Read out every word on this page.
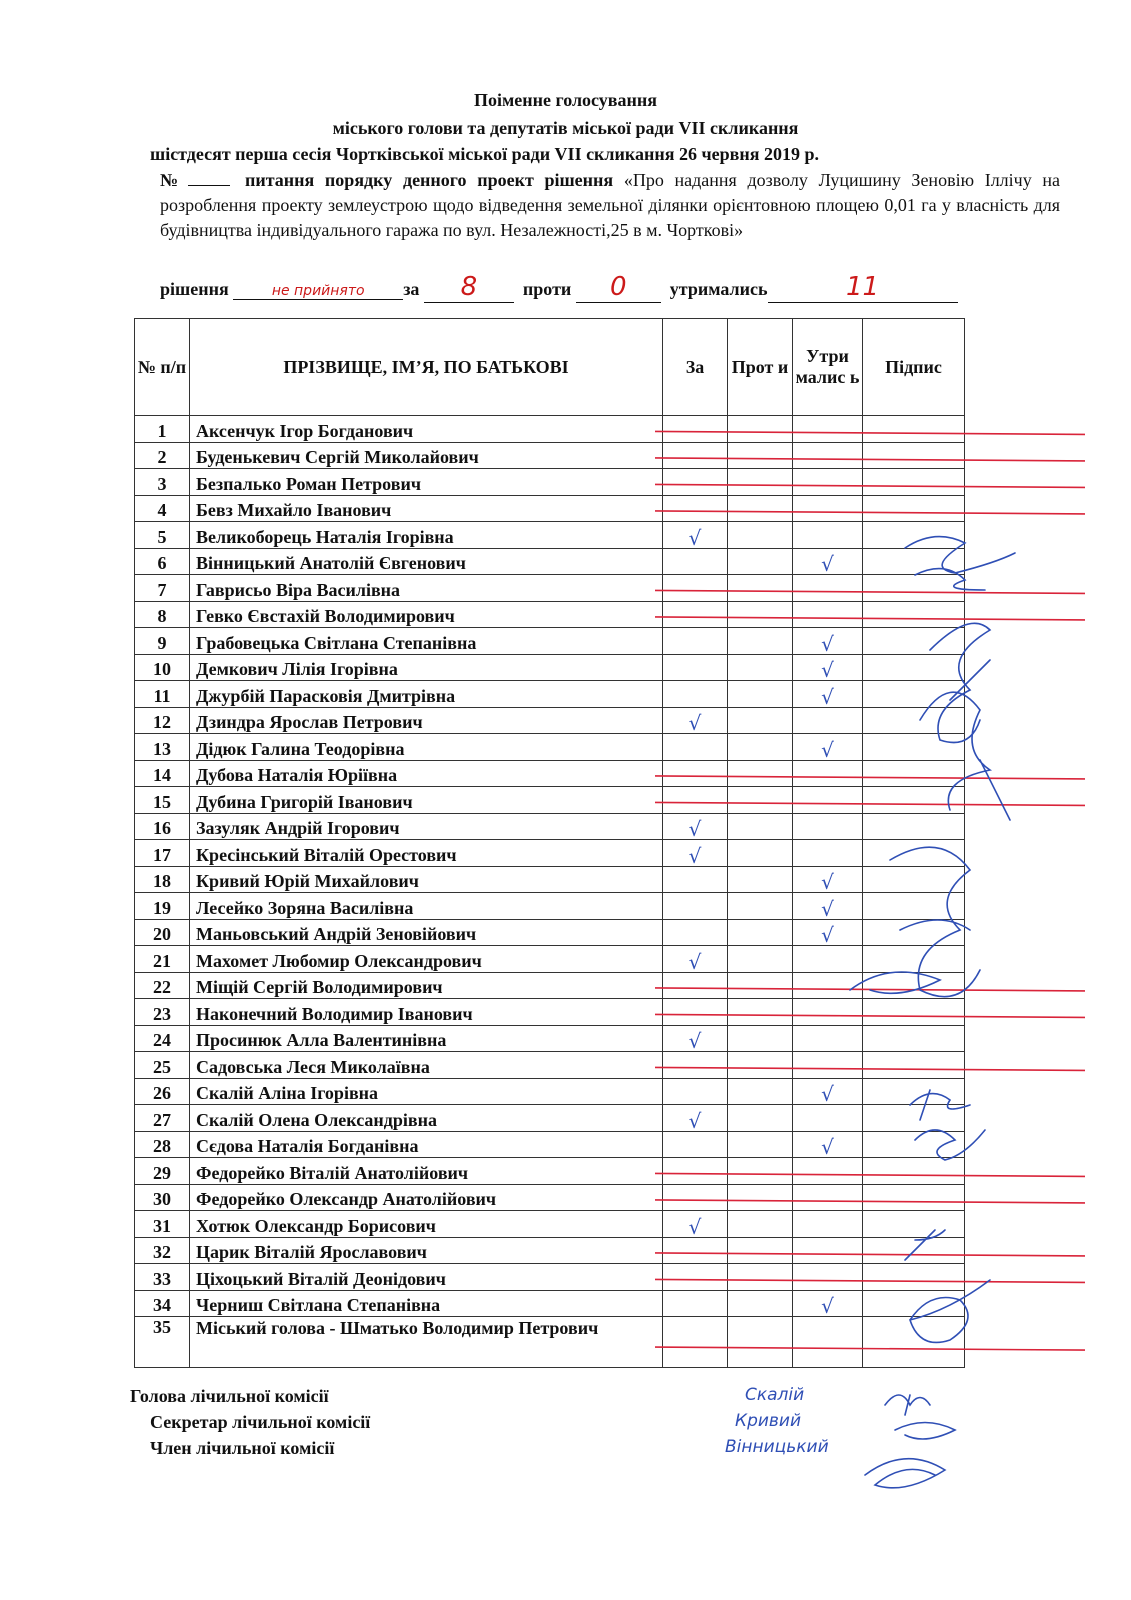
Поіменне голосування
міського голови та депутатів міської ради VII скликання
шістдесят перша сесія Чортківської міської ради VII скликання 26 червня 2019 р.
№	питання порядку денного проект рішення «Про надання дозволу Луцишину Зеновію Іллічу на розроблення проекту землеустрою щодо відведення земельної ділянки орієнтовною площею 0,01 га у власність для будівництва індивідуального гаража по вул. Незалежності,25 в м. Чорткові»
рішення	не прийнято за 8	проти 0 утримались	11
№ п/п	ПРІЗВИЩЕ, ІМ’Я, ПО БАТЬКОВІ	За	Прот и	Утри малис ь	Підпис
1	Аксенчук Ігор Богданович				
2	Буденькевич Сергій Миколайович				
3	Безпалько Роман Петрович				
4	Бевз Михайло Іванович				
5	Великоборець Наталія Ігорівна	√			
6	Вінницький Анатолій Євгенович			√	
7	Гаврисьо Віра Василівна				
8	Гевко Євстахій Володимирович				
9	Грабовецька Світлана Степанівна			√	
10	Демкович Лілія Ігорівна			√	
11	Джурбій Парасковія Дмитрівна			√	
12	Дзиндра Ярослав Петрович	√			
13	Дідюк Галина Теодорівна			√	
14	Дубова Наталія Юріївна				
15	Дубина Григорій Іванович				
16	Зазуляк Андрій Ігорович	√			
17	Кресінський Віталій Орестович	√			
18	Кривий Юрій Михайлович			√	
19	Лесейко Зоряна Василівна			√	
20	Маньовський Андрій Зеновійович			√	
21	Махомет Любомир Олександрович	√			
22	Міщій Сергій Володимирович				
23	Наконечний Володимир Іванович				
24	Просинюк Алла Валентинівна	√			
25	Садовська Леся Миколаївна				
26	Скалій Аліна Ігорівна			√	
27	Скалій Олена Олександрівна	√			
28	Сєдова Наталія Богданівна			√	
29	Федорейко Віталій Анатолійович				
30	Федорейко Олександр Анатолійович				
31	Хотюк Олександр Борисович	√			
32	Царик Віталій Ярославович				
33	Ціхоцький Віталій Деонідович				
34	Черниш Світлана Степанівна			√	
35	Міський голова - Шматько Володимир Петрович				
Голова лічильної комісії
Секретар лічильної комісії
Член лічильної комісії
Скалій
Кривий
Вінницький
